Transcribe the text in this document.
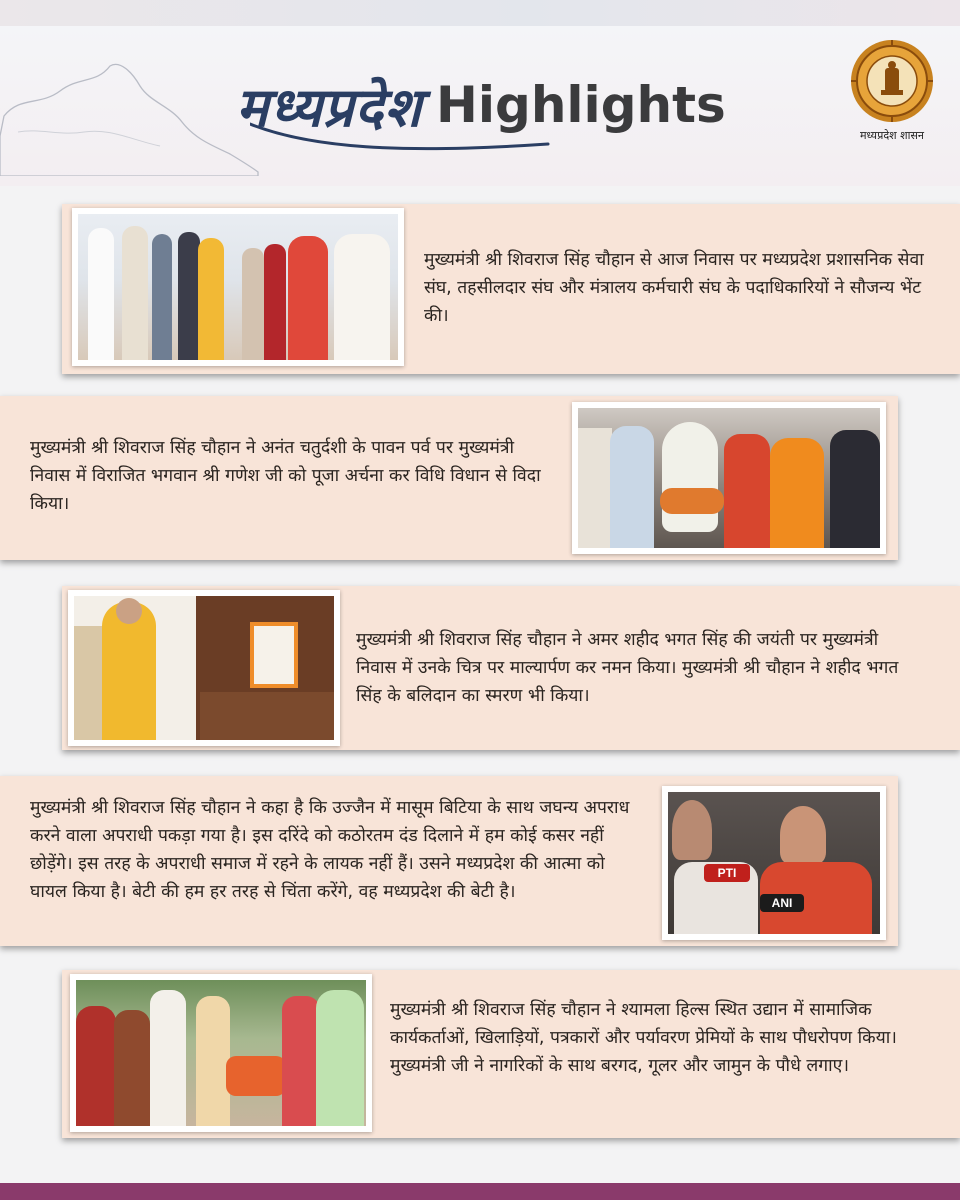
मध्यप्रदेश Highlights
मध्यप्रदेश शासन
मुख्यमंत्री श्री शिवराज सिंह चौहान से आज निवास पर मध्यप्रदेश प्रशासनिक सेवा संघ, तहसीलदार संघ और मंत्रालय कर्मचारी संघ के पदाधिकारियों ने सौजन्य भेंट की।
मुख्यमंत्री श्री शिवराज सिंह चौहान ने अनंत चतुर्दशी के पावन पर्व पर मुख्यमंत्री निवास में विराजित भगवान श्री गणेश जी को पूजा अर्चना कर विधि विधान से विदा किया।
मुख्यमंत्री श्री शिवराज सिंह चौहान ने अमर शहीद भगत सिंह की जयंती पर मुख्यमंत्री निवास में उनके चित्र पर माल्यार्पण कर नमन किया। मुख्यमंत्री श्री चौहान ने शहीद भगत सिंह के बलिदान का स्मरण भी किया।
PTI
ANI
मुख्यमंत्री श्री शिवराज सिंह चौहान ने कहा है कि उज्जैन में मासूम बिटिया के साथ जघन्य अपराध करने वाला अपराधी पकड़ा गया है। इस दरिंदे को कठोरतम दंड दिलाने में हम कोई कसर नहीं छोड़ेंगे। इस तरह के अपराधी समाज में रहने के लायक नहीं हैं। उसने मध्यप्रदेश की आत्मा को घायल किया है। बेटी की हम हर तरह से चिंता करेंगे, वह मध्यप्रदेश की बेटी है।
मुख्यमंत्री श्री शिवराज सिंह चौहान ने श्यामला हिल्स स्थित उद्यान में सामाजिक कार्यकर्ताओं, खिलाड़ियों, पत्रकारों और पर्यावरण प्रेमियों के साथ पौधरोपण किया। मुख्यमंत्री जी ने नागरिकों के साथ बरगद, गूलर और जामुन के पौधे लगाए।
